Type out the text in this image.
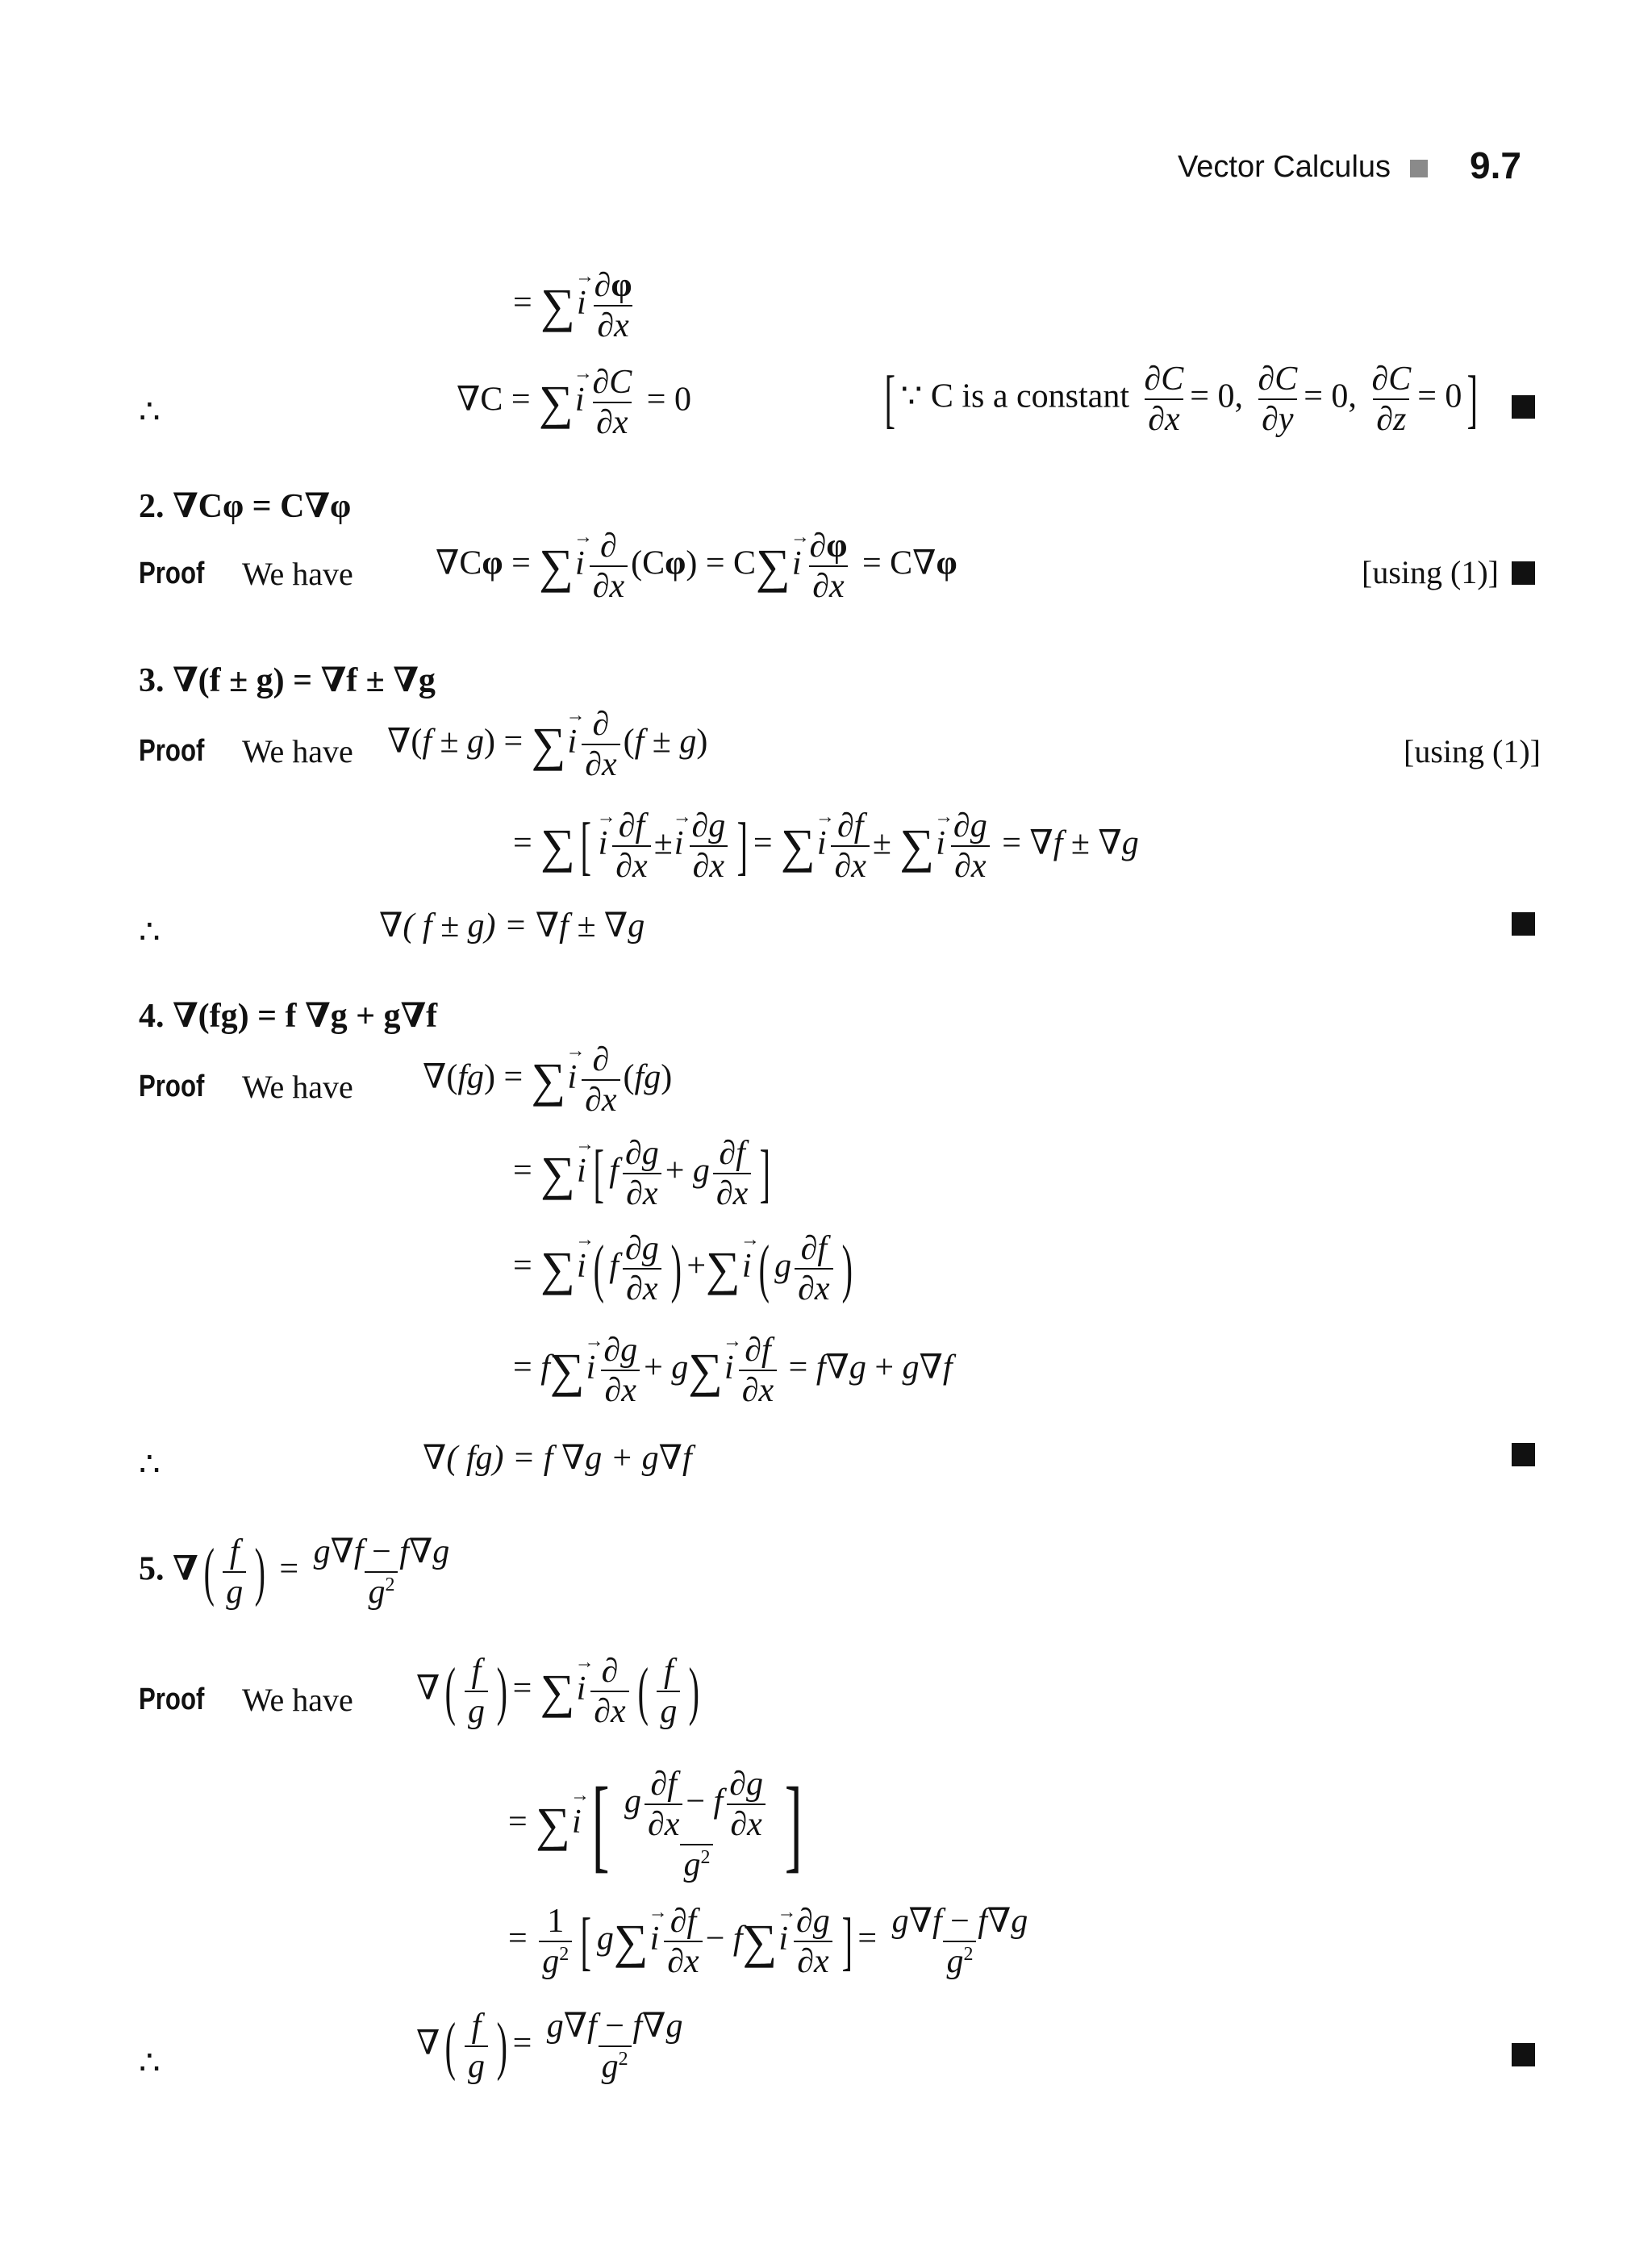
Vector Calculus 9.7
= ∑→ i $\frac{\partial\varphi}{\partial x}$
∴	∇C = ∑→ i $\frac{\partial C}{\partial x} = 0$	[ ∵ C is a constant $\frac{\partial C}{\partial x} = 0$, $\frac{\partial C}{\partial y} = 0$, $\frac{\partial C}{\partial z} = 0$]
2. ∇Cφ = C∇φ
Proof We have ∇Cφ = ∑→ i $\frac{\partial}{\partial x} (C\varphi) = C\sum\to i \frac{\partial\varphi}{\partial x} = C\nabla\varphi$	[using (1)]
3. ∇(f ± g) = ∇f ± ∇g
Proof We have ∇(f ± g) = ∑→ i $\frac{\partial}{\partial x} (f \pm g)$	[using (1)]
= ∑[→ i $\frac{\partial f}{\partial x} \pm\to i \frac{\partial g}{\partial x}$ ] = ∑→ i $\frac{\partial f}{\partial x}$ ± ∑→ i $\frac{\partial g}{\partial x} = \nabla f \pm \nabla g$
∴	∇( f ± g) = ∇f ± ∇g
4. ∇(fg) = f ∇g + g∇f
Proof We have ∇(fg) = ∑→ i $\frac{\partial}{\partial x} (fg)$
= ∑→ i [ f $\frac{\partial g}{\partial x} + g \frac{\partial f}{\partial x}$ ]
= ∑→ i ( f $\frac{\partial g}{\partial x}$ ) +∑→ i ( g $\frac{\partial f}{\partial x}$ )
= f∑→ i $\frac{\partial g}{\partial x} + g\sum\to i \frac{\partial f}{\partial x} = f\nabla g + g\nabla f$
∴	∇( fg) = f ∇g + g∇f
5. ∇( $\frac{f}{g}$ ) = $\frac{g\nabla f - f\nabla g}{g^2}$
Proof We have ∇( $\frac{f}{g}$ ) = ∑→ i $\frac{\partial}{\partial x}$ ( $\frac{f}{g}$ )
= ∑→ $i[ \frac{g \frac{\partial f}{\partial x} - f \frac{\partial g}{\partial x}}{g^2}$ ]
= $\frac{1}{g^2}$ [ g∑→ i $\frac{\partial f}{\partial x} - f\sum\to i \frac{\partial g}{\partial x}$ ] = $\frac{g\nabla f - f\nabla g}{g^2}$
∴
∇( $\frac{f}{g}$ ) = $\frac{g\nabla f - f\nabla g}{g^2}$
